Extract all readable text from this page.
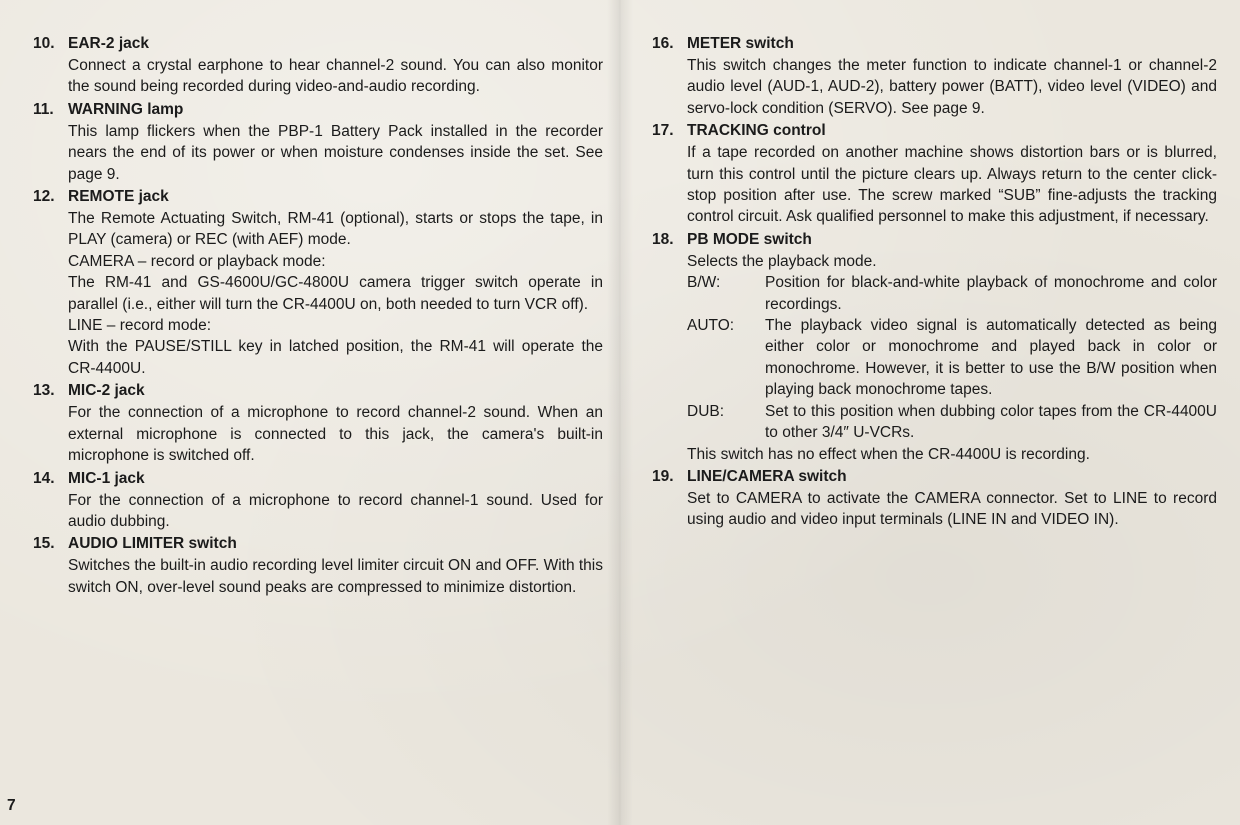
10. EAR-2 jack

Connect a crystal earphone to hear channel-2 sound. You can also monitor the sound being recorded during video-and-audio recording.

11. WARNING lamp

This lamp flickers when the PBP-1 Battery Pack installed in the recorder nears the end of its power or when moisture condenses inside the set. See page 9.

12. REMOTE jack

The Remote Actuating Switch, RM-41 (optional), starts or stops the tape, in PLAY (camera) or REC (with AEF) mode.

CAMERA – record or playback mode:

The RM-41 and GS-4600U/GC-4800U camera trigger switch operate in parallel (i.e., either will turn the CR-4400U on, both needed to turn VCR off).

LINE – record mode:

With the PAUSE/STILL key in latched position, the RM-41 will operate the CR-4400U.

13. MIC-2 jack

For the connection of a microphone to record channel-2 sound. When an external microphone is connected to this jack, the camera's built-in microphone is switched off.

14. MIC-1 jack

For the connection of a microphone to record channel-1 sound. Used for audio dubbing.

15. AUDIO LIMITER switch

Switches the built-in audio recording level limiter circuit ON and OFF. With this switch ON, over-level sound peaks are compressed to minimize distortion.

16. METER switch

This switch changes the meter function to indicate channel-1 or channel-2 audio level (AUD-1, AUD-2), battery power (BATT), video level (VIDEO) and servo-lock condition (SERVO). See page 9.

17. TRACKING control

If a tape recorded on another machine shows distortion bars or is blurred, turn this control until the picture clears up. Always return to the center click-stop position after use. The screw marked “SUB” fine-adjusts the tracking control circuit. Ask qualified personnel to make this adjustment, if necessary.

18. PB MODE switch

Selects the playback mode.

B/W:	Position for black-and-white playback of monochrome and color recordings.
AUTO:	The playback video signal is automatically detected as being either color or monochrome and played back in color or monochrome. However, it is better to use the B/W position when playing back monochrome tapes.
DUB:	Set to this position when dubbing color tapes from the CR-4400U to other 3/4″ U-VCRs.

This switch has no effect when the CR-4400U is recording.

19. LINE/CAMERA switch

Set to CAMERA to activate the CAMERA connector. Set to LINE to record using audio and video input terminals (LINE IN and VIDEO IN).

7
